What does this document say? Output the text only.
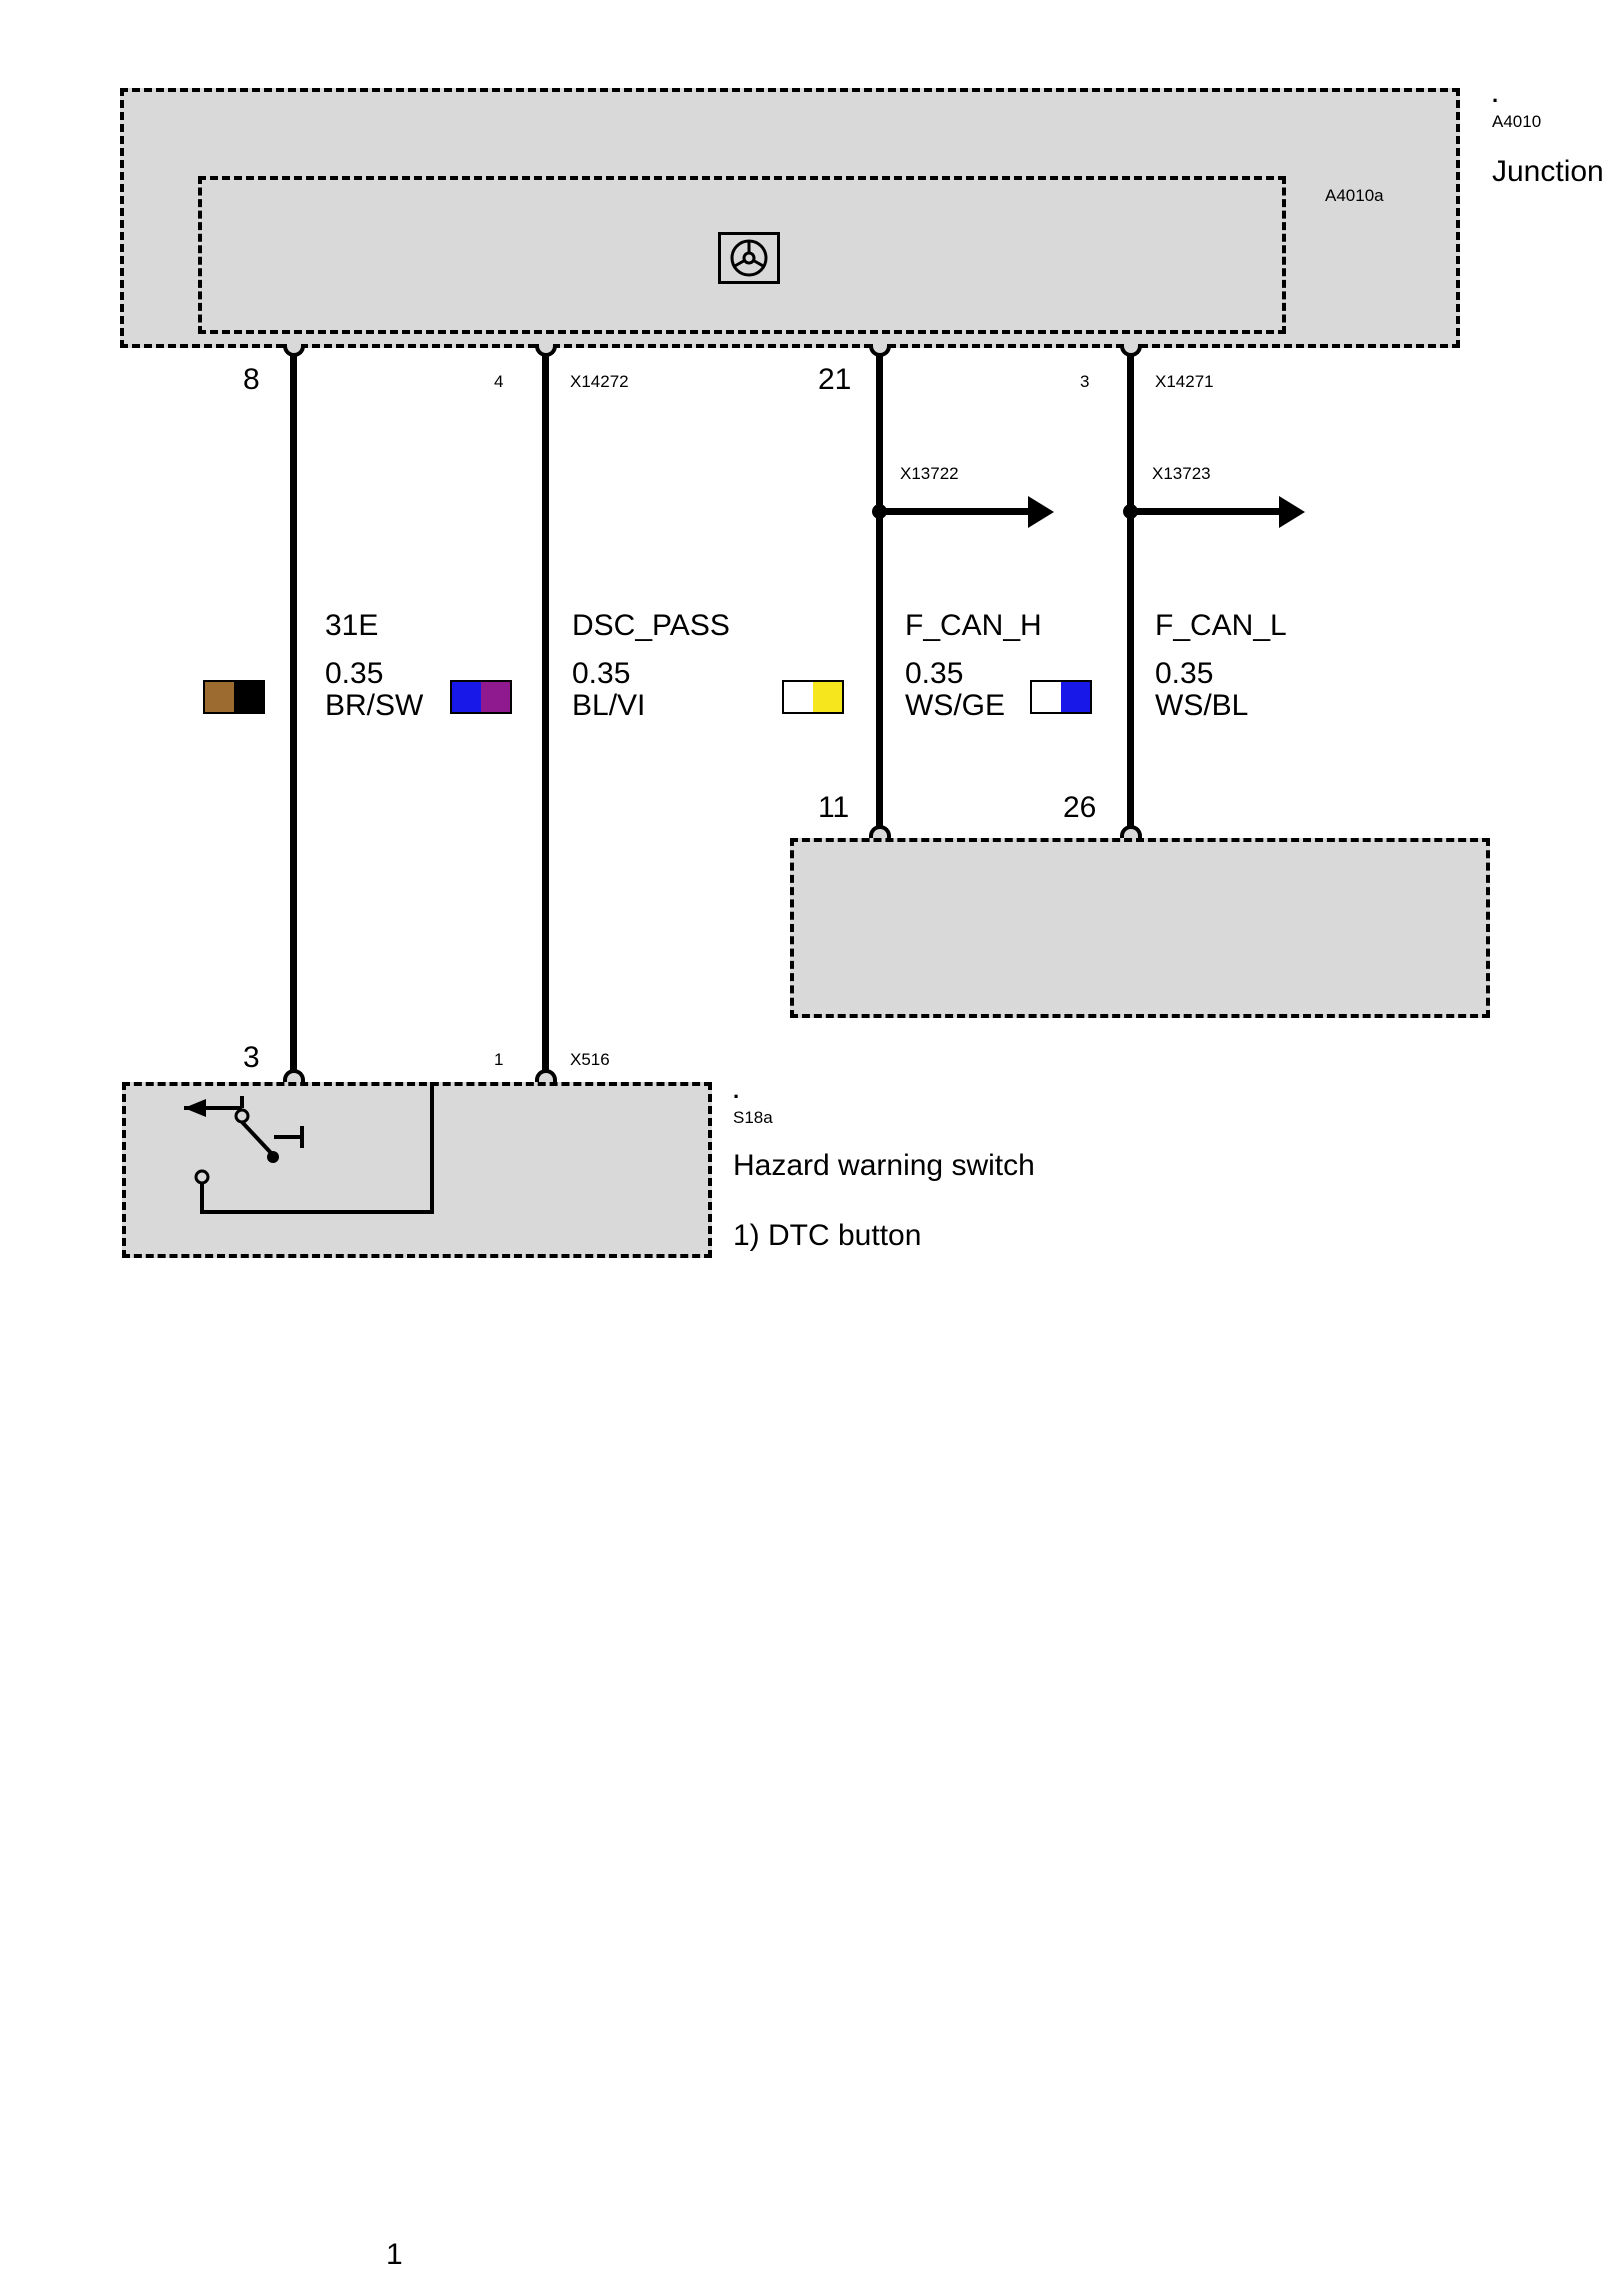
.
A4010
Junction
A4010a
.
S18a
Hazard warning switch
1) DTC button
1
8
3
31E
0.35
BR/SW
4	X14272
1	X516
DSC_PASS
0.35
BL/VI
21
11
X13722
F_CAN_H
0.35
WS/GE
3	X14271
26
X13723
F_CAN_L
0.35
WS/BL
